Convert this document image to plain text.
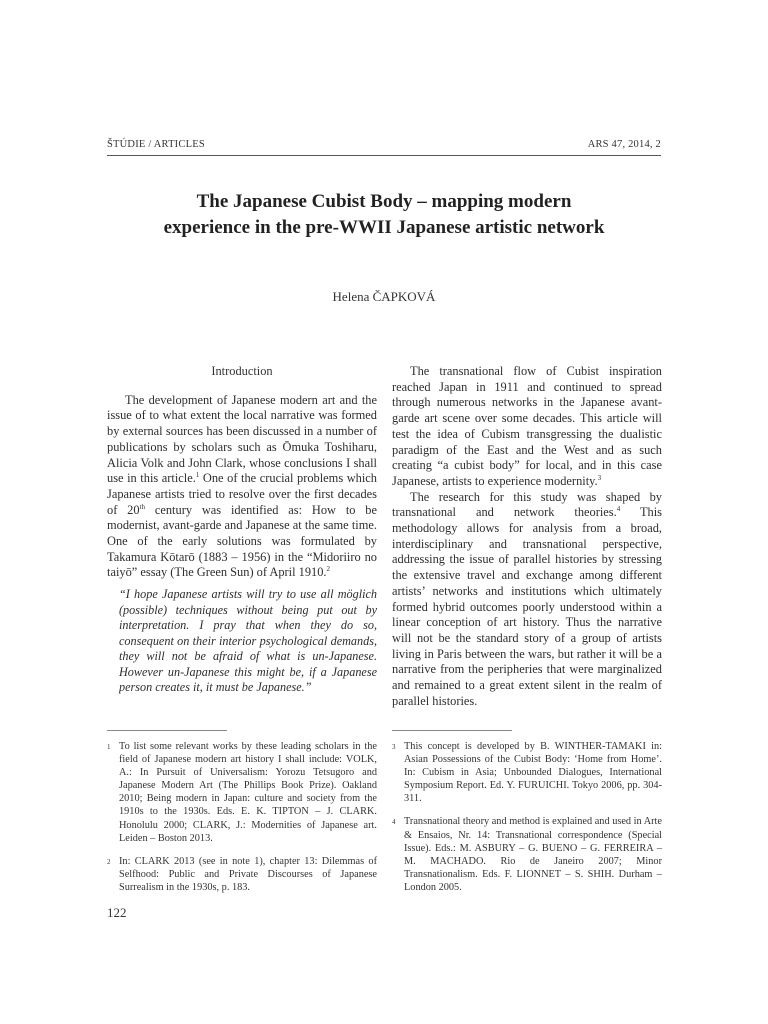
ŠTÚDIE / ARTICLES	ARS 47, 2014, 2
The Japanese Cubist Body – mapping modern
experience in the pre-WWII Japanese artistic network
Helena ČAPKOVÁ
Introduction

The development of Japanese modern art and the issue of to what extent the local narrative was formed by external sources has been discussed in a number of publications by scholars such as Ōmuka Toshiharu, Alicia Volk and John Clark, whose conclusions I shall use in this article.$^1$ One of the crucial problems which Japanese artists tried to resolve over the first decades of 20th century was identified as: How to be modernist, avant-garde and Japanese at the same time. One of the early solutions was formulated by Takamura Kōtarō (1883 – 1956) in the “Midoriiro no taiyō” essay (The Green Sun) of April 1910.$^2$

“I hope Japanese artists will try to use all möglich (possible) techniques without being put out by interpretation. I pray that when they do so, consequent on their interior psychological demands, they will not be afraid of what is un-Japanese. However un-Japanese this might be, if a Japanese person creates it, it must be Japanese.”

The transnational flow of Cubist inspiration reached Japan in 1911 and continued to spread through numerous networks in the Japanese avant-garde art scene over some decades. This article will test the idea of Cubism transgressing the dualistic paradigm of the East and the West and as such creating “a cubist body” for local, and in this case Japanese, artists to experience modernity.$^3$

The research for this study was shaped by transnational and network theories.$^4$ This methodology allows for analysis from a broad, interdisciplinary and transnational perspective, addressing the issue of parallel histories by stressing the extensive travel and exchange among different artists’ networks and institutions which ultimately formed hybrid outcomes poorly understood within a linear conception of art history. Thus the narrative will not be the standard story of a group of artists living in Paris between the wars, but rather it will be a narrative from the peripheries that were marginalized and remained to a great extent silent in the realm of parallel histories.

1 To list some relevant works by these leading scholars in the field of Japanese modern art history I shall include: VOLK, A.: In Pursuit of Universalism: Yorozu Tetsugoro and Japanese Modern Art (The Phillips Book Prize). Oakland 2010; Being modern in Japan: culture and society from the 1910s to the 1930s. Eds. E. K. TIPTON – J. CLARK. Honolulu 2000; CLARK, J.: Modernities of Japanese art. Leiden – Boston 2013.
2 In: CLARK 2013 (see in note 1), chapter 13: Dilemmas of Selfhood: Public and Private Discourses of Japanese Surrealism in the 1930s, p. 183.
3 This concept is developed by B. WINTHER-TAMAKI in: Asian Possessions of the Cubist Body: ‘Home from Home’. In: Cubism in Asia; Unbounded Dialogues, International Symposium Report. Ed. Y. FURUICHI. Tokyo 2006, pp. 304-311.
4 Transnational theory and method is explained and used in Arte & Ensaios, Nr. 14: Transnational correspondence (Special Issue). Eds.: M. ASBURY – G. BUENO – G. FERREIRA – M. MACHADO. Rio de Janeiro 2007; Minor Transnationalism. Eds. F. LIONNET – S. SHIH. Durham – London 2005.
122
